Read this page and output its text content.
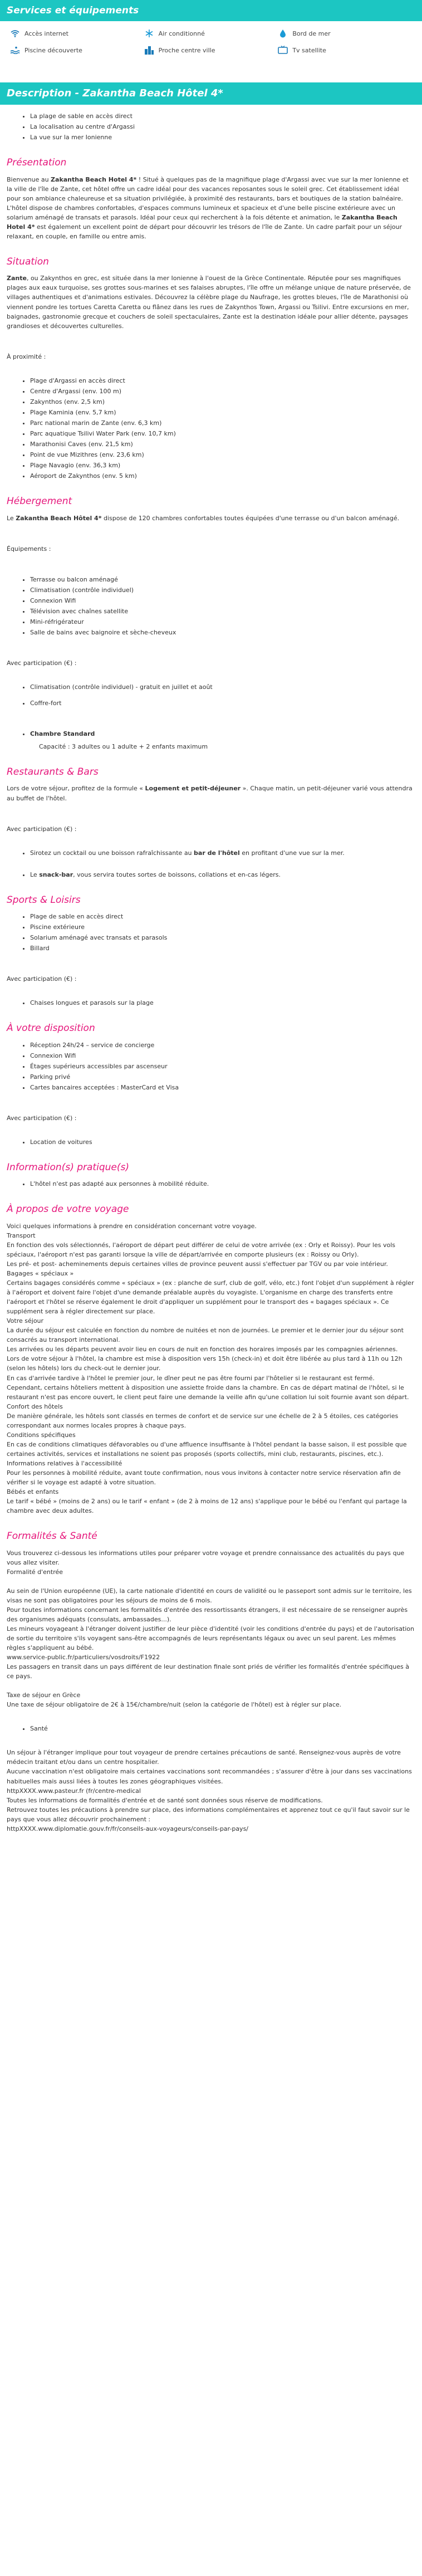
Services et équipements
Accès internet	Air conditionné	Bord de mer
Piscine découverte	Proche centre ville	Tv satellite
Description - Zakantha Beach Hôtel 4*
• La plage de sable en accès direct
• La localisation au centre d'Argassi
• La vue sur la mer Ionienne
Présentation

Bienvenue au Zakantha Beach Hotel 4* ! Situé à quelques pas de la magnifique plage d'Argassi avec vue sur la mer Ionienne et la ville de l'île de Zante, cet hôtel offre un cadre idéal pour des vacances reposantes sous le soleil grec. Cet établissement idéal pour son ambiance chaleureuse et sa situation privilégiée, à proximité des restaurants, bars et boutiques de la station balnéaire. L'hôtel dispose de chambres confortables, d'espaces communs lumineux et spacieux et d'une belle piscine extérieure avec un solarium aménagé de transats et parasols. Idéal pour ceux qui recherchent à la fois détente et animation, le Zakantha Beach Hotel 4* est également un excellent point de départ pour découvrir les trésors de l'île de Zante. Un cadre parfait pour un séjour relaxant, en couple, en famille ou entre amis.

Situation

Zante, ou Zakynthos en grec, est située dans la mer Ionienne à l'ouest de la Grèce Continentale. Réputée pour ses magnifiques plages aux eaux turquoise, ses grottes sous-marines et ses falaises abruptes, l'île offre un mélange unique de nature préservée, de villages authentiques et d'animations estivales. Découvrez la célèbre plage du Naufrage, les grottes bleues, l'île de Marathonisi où viennent pondre les tortues Caretta Caretta ou flânez dans les rues de Zakynthos Town, Argassi ou Tsilivi. Entre excursions en mer, baignades, gastronomie grecque et couchers de soleil spectaculaires, Zante est la destination idéale pour allier détente, paysages grandioses et découvertes culturelles.

À proximité :

• Plage d'Argassi en accès direct
• Centre d'Argassi (env. 100 m)
• Zakynthos (env. 2,5 km)
• Plage Kaminia (env. 5,7 km)
• Parc national marin de Zante (env. 6,3 km)
• Parc aquatique Tsilivi Water Park (env. 10,7 km)
• Marathonisi Caves (env. 21,5 km)
• Point de vue Mizithres (env. 23,6 km)
• Plage Navagio (env. 36,3 km)
• Aéroport de Zakynthos (env. 5 km)
Hébergement

Le Zakantha Beach Hôtel 4* dispose de 120 chambres confortables toutes équipées d'une terrasse ou d'un balcon aménagé.

Équipements :

• Terrasse ou balcon aménagé
• Climatisation (contrôle individuel)
• Connexion Wifi
• Télévision avec chaînes satellite
• Mini-réfrigérateur
• Salle de bains avec baignoire et sèche-cheveux

Avec participation (€) :

• Climatisation (contrôle individuel) - gratuit en juillet et août
• Coffre-fort
• Chambre Standard

Capacité : 3 adultes ou 1 adulte + 2 enfants maximum

Restaurants & Bars

Lors de votre séjour, profitez de la formule « Logement et petit-déjeuner ». Chaque matin, un petit-déjeuner varié vous attendra au buffet de l'hôtel.

Avec participation (€) :

• Sirotez un cocktail ou une boisson rafraîchissante au bar de l'hôtel en profitant d'une vue sur la mer.
• Le snack-bar, vous servira toutes sortes de boissons, collations et en-cas légers.
Sports & Loisirs
• Plage de sable en accès direct
• Piscine extérieure
• Solarium aménagé avec transats et parasols
• Billard

Avec participation (€) :

• Chaises longues et parasols sur la plage
À votre disposition
• Réception 24h/24 – service de concierge
• Connexion Wifi
• Étages supérieurs accessibles par ascenseur
• Parking privé
• Cartes bancaires acceptées : MasterCard et Visa

Avec participation (€) :

• Location de voitures
Information(s) pratique(s)
• L'hôtel n'est pas adapté aux personnes à mobilité réduite.
À propos de votre voyage

Voici quelques informations à prendre en considération concernant votre voyage.
Transport
En fonction des vols sélectionnés, l'aéroport de départ peut différer de celui de votre arrivée (ex : Orly et Roissy). Pour les vols spéciaux, l'aéroport n'est pas garanti lorsque la ville de départ/arrivée en comporte plusieurs (ex : Roissy ou Orly).
Les pré- et post- acheminements depuis certaines villes de province peuvent aussi s'effectuer par TGV ou par voie intérieur.
Bagages « spéciaux »
Certains bagages considérés comme « spéciaux » (ex : planche de surf, club de golf, vélo, etc.) font l'objet d'un supplément à régler à l'aéroport et doivent faire l'objet d'une demande préalable auprès du voyagiste. L'organisme en charge des transferts entre l'aéroport et l'hôtel se réserve également le droit d'appliquer un supplément pour le transport des « bagages spéciaux ». Ce supplément sera à régler directement sur place.
Votre séjour
La durée du séjour est calculée en fonction du nombre de nuitées et non de journées. Le premier et le dernier jour du séjour sont consacrés au transport international.
Les arrivées ou les départs peuvent avoir lieu en cours de nuit en fonction des horaires imposés par les compagnies aériennes.
Lors de votre séjour à l'hôtel, la chambre est mise à disposition vers 15h (check-in) et doit être libérée au plus tard à 11h ou 12h (selon les hôtels) lors du check-out le dernier jour.
En cas d'arrivée tardive à l'hôtel le premier jour, le dîner peut ne pas être fourni par l'hôtelier si le restaurant est fermé.
Cependant, certains hôteliers mettent à disposition une assiette froide dans la chambre. En cas de départ matinal de l'hôtel, si le restaurant n'est pas encore ouvert, le client peut faire une demande la veille afin qu'une collation lui soit fournie avant son départ.
Confort des hôtels
De manière générale, les hôtels sont classés en termes de confort et de service sur une échelle de 2 à 5 étoiles, ces catégories correspondant aux normes locales propres à chaque pays.
Conditions spécifiques
En cas de conditions climatiques défavorables ou d'une affluence insuffisante à l'hôtel pendant la basse saison, il est possible que certaines activités, services et installations ne soient pas proposés (sports collectifs, mini club, restaurants, piscines, etc.).
Informations relatives à l'accessibilité
Pour les personnes à mobilité réduite, avant toute confirmation, nous vous invitons à contacter notre service réservation afin de vérifier si le voyage est adapté à votre situation.
Bébés et enfants
Le tarif « bébé » (moins de 2 ans) ou le tarif « enfant » (de 2 à moins de 12 ans) s'applique pour le bébé ou l'enfant qui partage la chambre avec deux adultes.

Formalités & Santé

Vous trouverez ci-dessous les informations utiles pour préparer votre voyage et prendre connaissance des actualités du pays que vous allez visiter.
Formalité d'entrée

Au sein de l'Union européenne (UE), la carte nationale d'identité en cours de validité ou le passeport sont admis sur le territoire, les visas ne sont pas obligatoires pour les séjours de moins de 6 mois.
Pour toutes informations concernant les formalités d'entrée des ressortissants étrangers, il est nécessaire de se renseigner auprès des organismes adéquats (consulats, ambassades...).
Les mineurs voyageant à l'étranger doivent justifier de leur pièce d'identité (voir les conditions d'entrée du pays) et de l'autorisation de sortie du territoire s'ils voyagent sans-être accompagnés de leurs représentants légaux ou avec un seul parent. Les mêmes règles s'appliquent au bébé.
www.service-public.fr/particuliers/vosdroits/F1922
Les passagers en transit dans un pays différent de leur destination finale sont priés de vérifier les formalités d'entrée spécifiques à ce pays.

Taxe de séjour en Grèce
Une taxe de séjour obligatoire de 2€ à 15€/chambre/nuit (selon la catégorie de l'hôtel) est à régler sur place.

• Santé

Un séjour à l'étranger implique pour tout voyageur de prendre certaines précautions de santé. Renseignez-vous auprès de votre médecin traitant et/ou dans un centre hospitalier.
Aucune vaccination n'est obligatoire mais certaines vaccinations sont recommandées ; s'assurer d'être à jour dans ses vaccinations habituelles mais aussi liées à toutes les zones géographiques visitées.
httpXXXX.www.pasteur.fr (fr/centre-medical
Toutes les informations de formalités d'entrée et de santé sont données sous réserve de modifications.
Retrouvez toutes les précautions à prendre sur place, des informations complémentaires et apprenez tout ce qu'il faut savoir sur le pays que vous allez découvrir prochainement :
httpXXXX.www.diplomatie.gouv.fr/fr/conseils-aux-voyageurs/conseils-par-pays/
